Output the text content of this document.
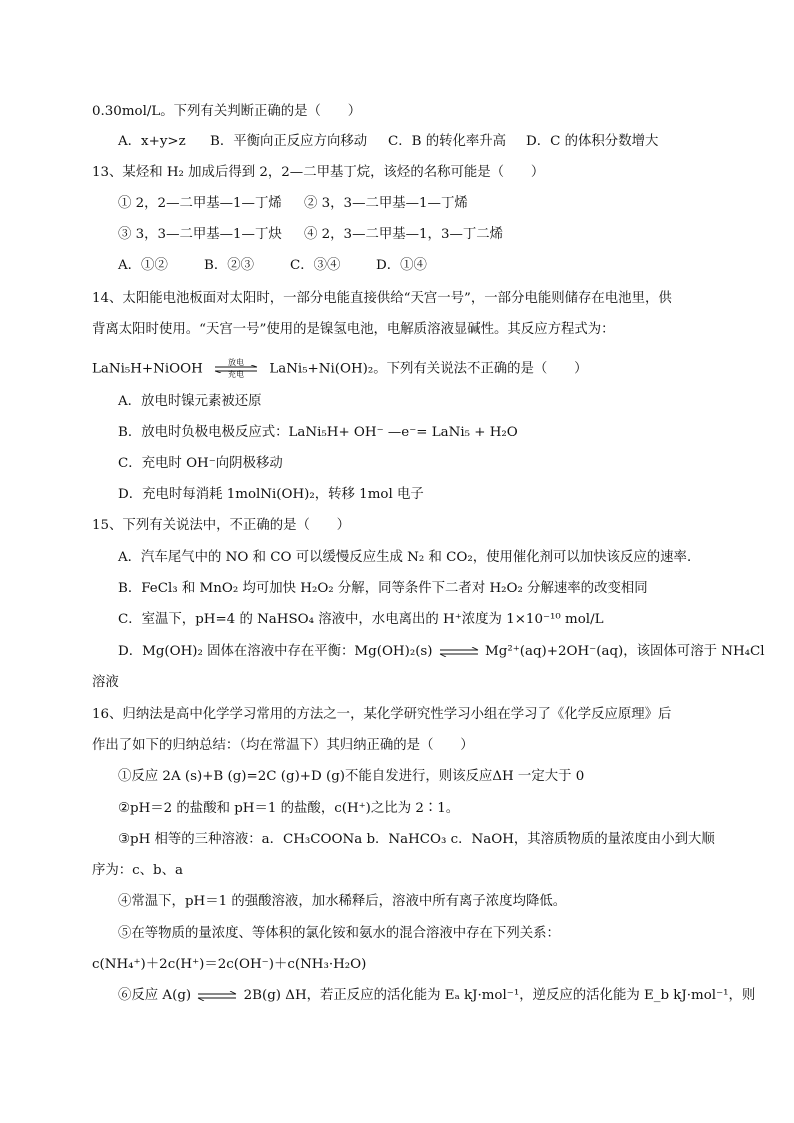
0.30mol/L。下列有关判断正确的是（　　）
A．x+y>z	B．平衡向正反应方向移动	C．B 的转化率升高	D．C 的体积分数增大
13、某烃和 H₂ 加成后得到 2，2—二甲基丁烷，该烃的名称可能是（　　）
① 2，2—二甲基—1—丁烯	② 3，3—二甲基—1—丁烯
③ 3，3—二甲基—1—丁炔	④ 2，3—二甲基—1，3—丁二烯
A．①②	B．②③	C．③④	D．①④
14、太阳能电池板面对太阳时，一部分电能直接供给“天宫一号”，一部分电能则储存在电池里，供
背离太阳时使用。“天宫一号”使用的是镍氢电池，电解质溶液显碱性。其反应方程式为：
LaNi₅H+NiOOH	放电
充电	LaNi₅+Ni(OH)₂。下列有关说法不正确的是（　　）
A．放电时镍元素被还原
B．放电时负极电极反应式：LaNi₅H+ OH⁻ —e⁻= LaNi₅ + H₂O
C．充电时 OH⁻向阴极移动
D．充电时每消耗 1molNi(OH)₂，转移 1mol 电子
15、下列有关说法中，不正确的是（　　）
A．汽车尾气中的 NO 和 CO 可以缓慢反应生成 N₂ 和 CO₂，使用催化剂可以加快该反应的速率．
B．FeCl₃ 和 MnO₂ 均可加快 H₂O₂ 分解，同等条件下二者对 H₂O₂ 分解速率的改变相同
C．室温下，pH=4 的 NaHSO₄ 溶液中，水电离出的 H⁺浓度为 1×10⁻¹⁰ mol/L
D．Mg(OH)₂ 固体在溶液中存在平衡：Mg(OH)₂(s) ⇌ Mg²⁺(aq)+2OH⁻(aq)，该固体可溶于 NH₄Cl
溶液
16、归纳法是高中化学学习常用的方法之一，某化学研究性学习小组在学习了《化学反应原理》后
作出了如下的归纳总结：（均在常温下）其归纳正确的是（　　）
①反应 2A (s)+B (g)=2C (g)+D (g)不能自发进行，则该反应ΔH 一定大于 0
②pH＝2 的盐酸和 pH＝1 的盐酸，c(H⁺)之比为 2∶1。
③pH 相等的三种溶液：a．CH₃COONa b．NaHCO₃ c．NaOH，其溶质物质的量浓度由小到大顺
序为：c、b、a
④常温下，pH＝1 的强酸溶液，加水稀释后，溶液中所有离子浓度均降低。
⑤在等物质的量浓度、等体积的氯化铵和氨水的混合溶液中存在下列关系：
c(NH₄⁺)＋2c(H⁺)＝2c(OH⁻)＋c(NH₃·H₂O)
⑥反应 A(g) ⇌ 2B(g) ΔH，若正反应的活化能为 Eₐ kJ·mol⁻¹，逆反应的活化能为 E_b kJ·mol⁻¹，则
